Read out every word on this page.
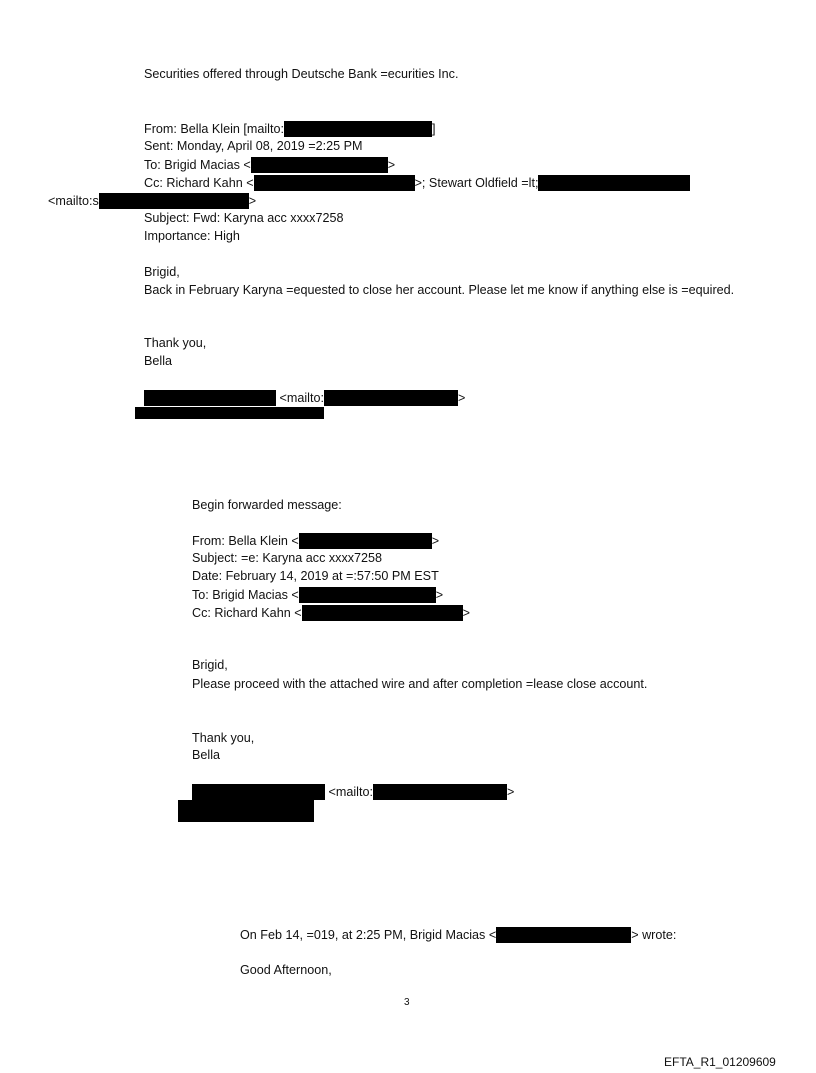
Securities offered through Deutsche Bank =ecurities Inc.
From: Bella Klein [mailto:	]
Sent: Monday, April 08, 2019 =2:25 PM
To: Brigid Macias <	>
Cc: Richard Kahn <	>; Stewart Oldfield =lt;
<mailto:s	>
Subject: Fwd: Karyna acc xxxx7258
Importance: High
Brigid,
Back in February Karyna =equested to close her account. Please let me know if anything else is =equired.
Thank you,
Bella
<mailto:	>
Begin forwarded message:
From: Bella Klein <	>
Subject: =e: Karyna acc xxxx7258
Date: February 14, 2019 at =:57:50 PM EST
To: Brigid Macias <	>
Cc: Richard Kahn <	>
Brigid,
Please proceed with the attached wire and after completion =lease close account.
Thank you,
Bella
<mailto:	>
On Feb 14, =019, at 2:25 PM, Brigid Macias <	> wrote:
Good Afternoon,
3
EFTA_R1_01209609
